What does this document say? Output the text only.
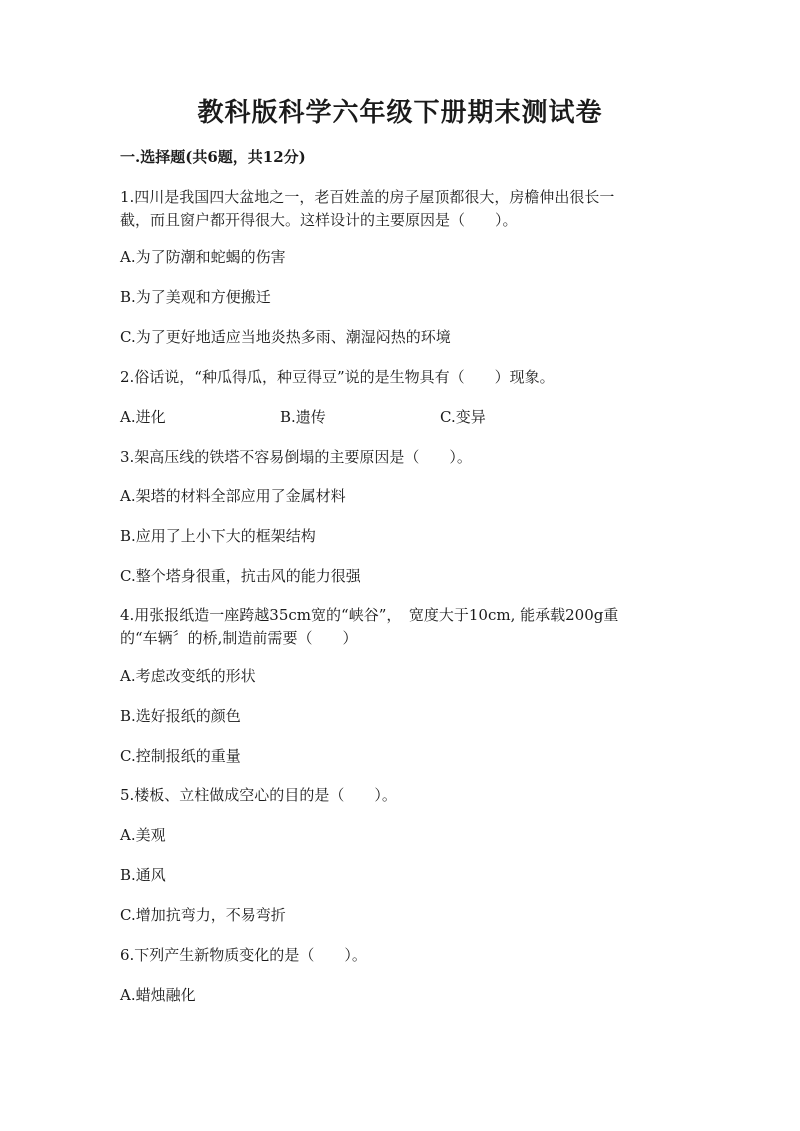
教科版科学六年级下册期末测试卷
一.选择题(共6题，共12分)
1.四川是我国四大盆地之一，老百姓盖的房子屋顶都很大，房檐伸出很长一
截，而且窗户都开得很大。这样设计的主要原因是（　　）。
A.为了防潮和蛇蝎的伤害
B.为了美观和方便搬迁
C.为了更好地适应当地炎热多雨、潮湿闷热的环境
2.俗话说，“种瓜得瓜，种豆得豆”说的是生物具有（　　）现象。
A.进化	B.遗传	C.变异
3.架高压线的铁塔不容易倒塌的主要原因是（　　）。
A.架塔的材料全部应用了金属材料
B.应用了上小下大的框架结构
C.整个塔身很重，抗击风的能力很强
4.用张报纸造一座跨越35cm宽的“峡谷”，　宽度大于10cm, 能承载200g重
的“车辆〞的桥,制造前需要（　　）
A.考虑改变纸的形状
B.选好报纸的颜色
C.控制报纸的重量
5.楼板、立柱做成空心的目的是（　　）。
A.美观
B.通风
C.增加抗弯力，不易弯折
6.下列产生新物质变化的是（　　）。
A.蜡烛融化
